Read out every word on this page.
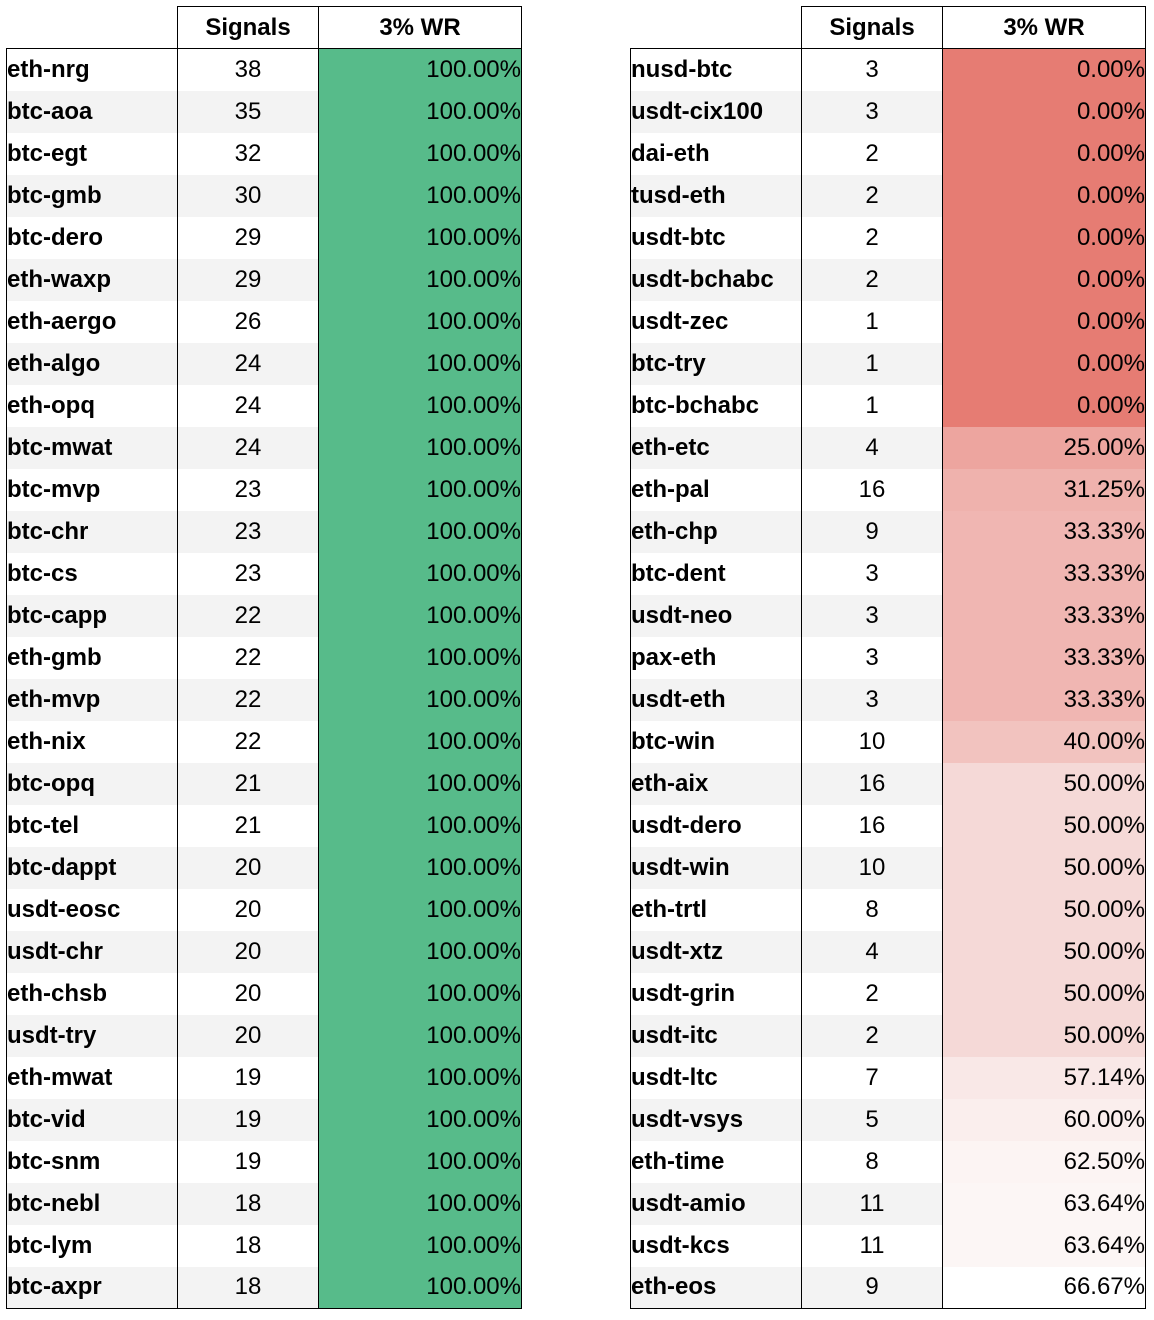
	Signals	3% WR
eth-nrg	38	100.00%
btc-aoa	35	100.00%
btc-egt	32	100.00%
btc-gmb	30	100.00%
btc-dero	29	100.00%
eth-waxp	29	100.00%
eth-aergo	26	100.00%
eth-algo	24	100.00%
eth-opq	24	100.00%
btc-mwat	24	100.00%
btc-mvp	23	100.00%
btc-chr	23	100.00%
btc-cs	23	100.00%
btc-capp	22	100.00%
eth-gmb	22	100.00%
eth-mvp	22	100.00%
eth-nix	22	100.00%
btc-opq	21	100.00%
btc-tel	21	100.00%
btc-dappt	20	100.00%
usdt-eosc	20	100.00%
usdt-chr	20	100.00%
eth-chsb	20	100.00%
usdt-try	20	100.00%
eth-mwat	19	100.00%
btc-vid	19	100.00%
btc-snm	19	100.00%
btc-nebl	18	100.00%
btc-lym	18	100.00%
btc-axpr	18	100.00%
	Signals	3% WR
nusd-btc	3	0.00%
usdt-cix100	3	0.00%
dai-eth	2	0.00%
tusd-eth	2	0.00%
usdt-btc	2	0.00%
usdt-bchabc	2	0.00%
usdt-zec	1	0.00%
btc-try	1	0.00%
btc-bchabc	1	0.00%
eth-etc	4	25.00%
eth-pal	16	31.25%
eth-chp	9	33.33%
btc-dent	3	33.33%
usdt-neo	3	33.33%
pax-eth	3	33.33%
usdt-eth	3	33.33%
btc-win	10	40.00%
eth-aix	16	50.00%
usdt-dero	16	50.00%
usdt-win	10	50.00%
eth-trtl	8	50.00%
usdt-xtz	4	50.00%
usdt-grin	2	50.00%
usdt-itc	2	50.00%
usdt-ltc	7	57.14%
usdt-vsys	5	60.00%
eth-time	8	62.50%
usdt-amio	11	63.64%
usdt-kcs	11	63.64%
eth-eos	9	66.67%
